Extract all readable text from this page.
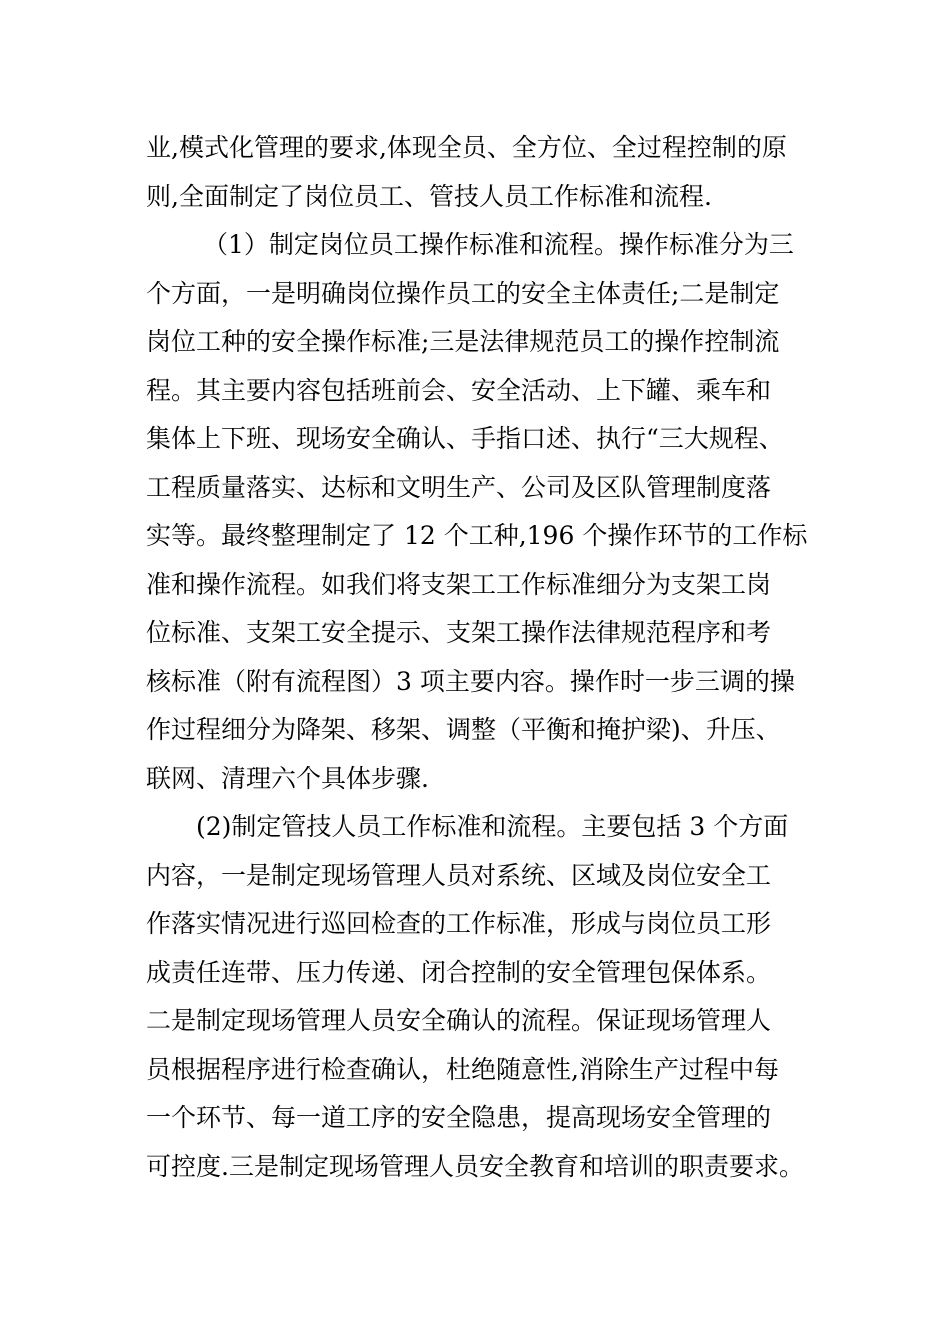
业,模式化管理的要求,体现全员、全方位、全过程控制的原
则,全面制定了岗位员工、管技人员工作标准和流程.
（1）制定岗位员工操作标准和流程。操作标准分为三
个方面，一是明确岗位操作员工的安全主体责任;二是制定
岗位工种的安全操作标准;三是法律规范员工的操作控制流
程。其主要内容包括班前会、安全活动、上下罐、乘车和
集体上下班、现场安全确认、手指口述、执行“三大规程、
工程质量落实、达标和文明生产、公司及区队管理制度落
实等。最终整理制定了 12 个工种,196 个操作环节的工作标
准和操作流程。如我们将支架工工作标准细分为支架工岗
位标准、支架工安全提示、支架工操作法律规范程序和考
核标准（附有流程图）3 项主要内容。操作时一步三调的操
作过程细分为降架、移架、调整（平衡和掩护梁)、升压、
联网、清理六个具体步骤.
(2)制定管技人员工作标准和流程。主要包括 3 个方面
内容，一是制定现场管理人员对系统、区域及岗位安全工
作落实情况进行巡回检查的工作标准，形成与岗位员工形
成责任连带、压力传递、闭合控制的安全管理包保体系。
二是制定现场管理人员安全确认的流程。保证现场管理人
员根据程序进行检查确认，杜绝随意性,消除生产过程中每
一个环节、每一道工序的安全隐患，提高现场安全管理的
可控度.三是制定现场管理人员安全教育和培训的职责要求。
